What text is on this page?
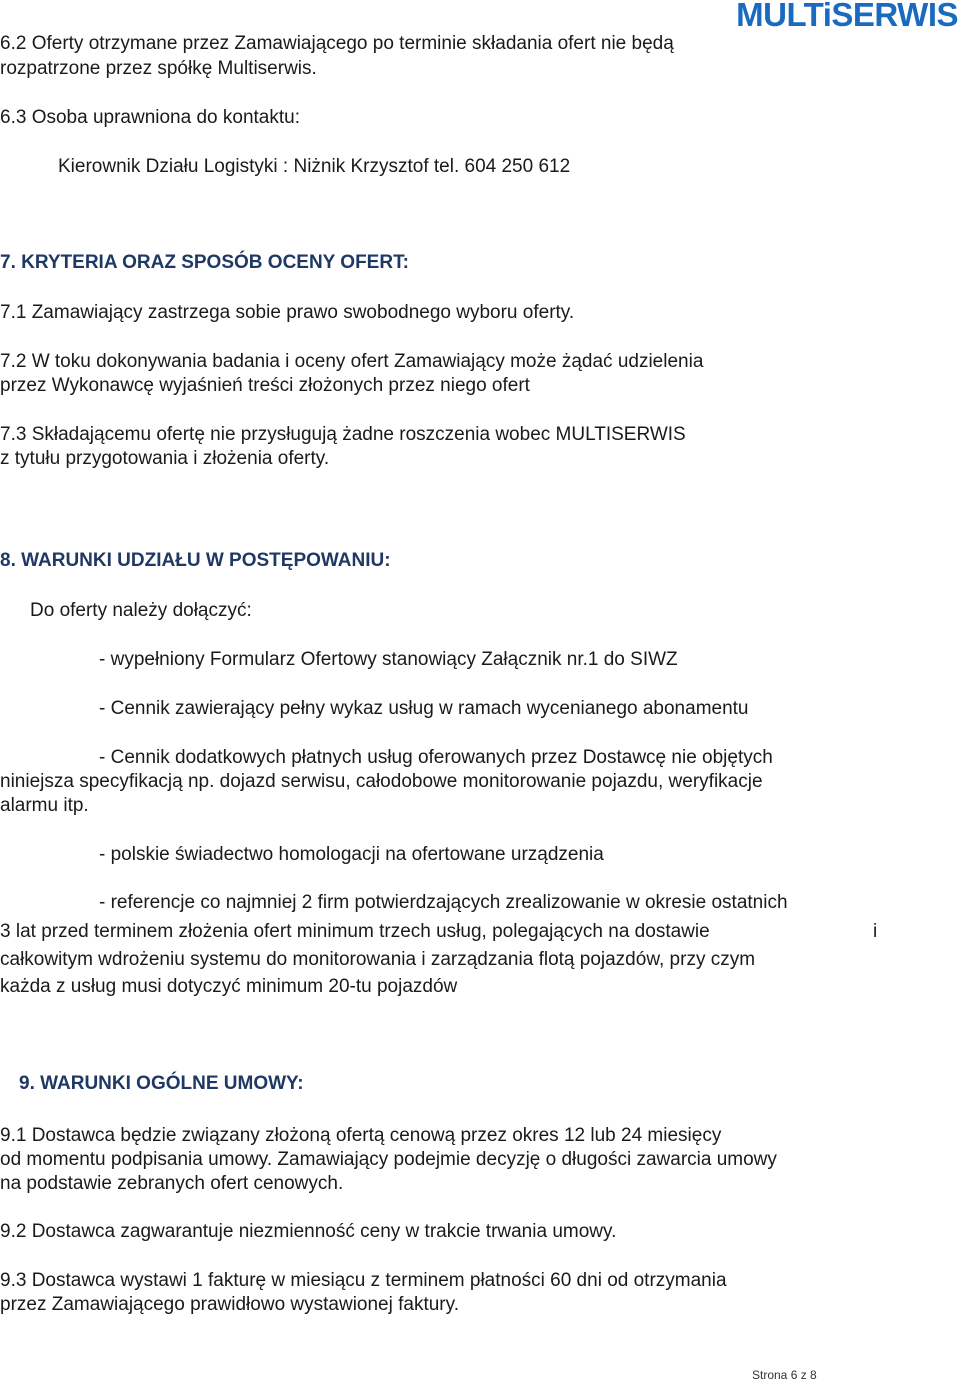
MULTiSERWIS
6.2 Oferty otrzymane przez Zamawiającego po terminie składania ofert nie będą
rozpatrzone przez spółkę Multiserwis.
6.3 Osoba uprawniona do kontaktu:
Kierownik Działu Logistyki : Niżnik Krzysztof tel. 604 250 612
7. KRYTERIA ORAZ SPOSÓB OCENY OFERT:
7.1 Zamawiający zastrzega sobie prawo swobodnego wyboru oferty.
7.2 W toku dokonywania badania i oceny ofert Zamawiający może żądać udzielenia
przez Wykonawcę wyjaśnień treści złożonych przez niego ofert
7.3 Składającemu ofertę nie przysługują żadne roszczenia wobec MULTISERWIS
z tytułu przygotowania i złożenia oferty.
8. WARUNKI UDZIAŁU W POSTĘPOWANIU:
Do oferty należy dołączyć:
- wypełniony Formularz Ofertowy stanowiący Załącznik nr.1 do SIWZ
- Cennik zawierający pełny wykaz usług w ramach wycenianego abonamentu
- Cennik dodatkowych płatnych usług oferowanych przez Dostawcę nie objętych
niniejsza specyfikacją np. dojazd serwisu, całodobowe monitorowanie pojazdu, weryfikacje
alarmu itp.
- polskie świadectwo homologacji na ofertowane urządzenia
- referencje co najmniej 2 firm potwierdzających zrealizowanie w okresie ostatnich
3 lat przed terminem złożenia ofert minimum trzech usług, polegających na dostawie	i
całkowitym wdrożeniu systemu do monitorowania i zarządzania flotą pojazdów, przy czym
każda z usług musi dotyczyć minimum 20-tu pojazdów
9. WARUNKI OGÓLNE UMOWY:
9.1 Dostawca będzie związany złożoną ofertą cenową przez okres 12 lub 24 miesięcy
od momentu podpisania umowy. Zamawiający podejmie decyzję o długości zawarcia umowy
na podstawie zebranych ofert cenowych.
9.2 Dostawca zagwarantuje niezmienność ceny w trakcie trwania umowy.
9.3 Dostawca wystawi 1 fakturę w miesiącu z terminem płatności 60 dni od otrzymania
przez Zamawiającego prawidłowo wystawionej faktury.
Strona 6 z 8
